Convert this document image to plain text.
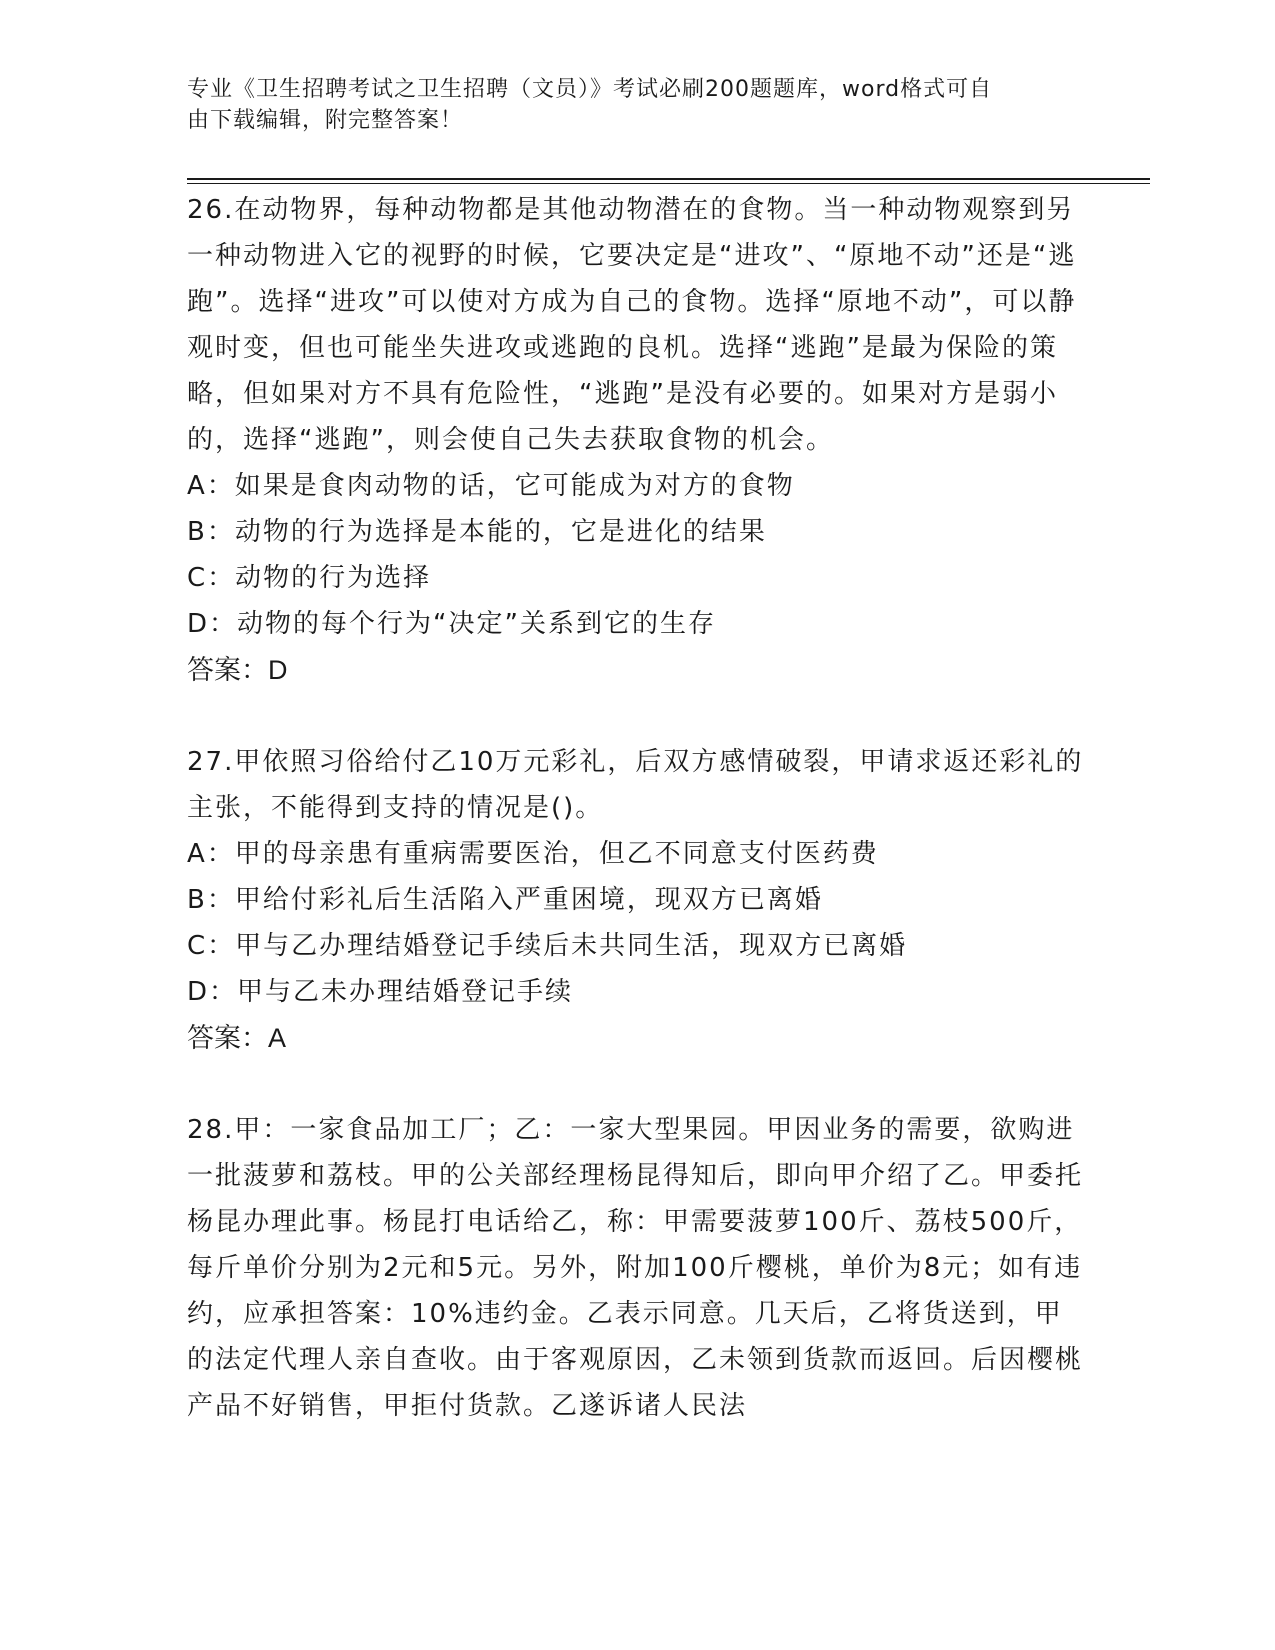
专业《卫生招聘考试之卫生招聘（文员）》考试必刷200题题库，word格式可自
由下载编辑，附完整答案！

26.在动物界，每种动物都是其他动物潜在的食物。当一种动物观察到另一种动物进入它的视野的时候，它要决定是“进攻”、“原地不动”还是“逃跑”。选择“进攻”可以使对方成为自己的食物。选择“原地不动”，可以静观时变，但也可能坐失进攻或逃跑的良机。选择“逃跑”是最为保险的策略，但如果对方不具有危险性，“逃跑”是没有必要的。如果对方是弱小的，选择“逃跑”，则会使自己失去获取食物的机会。

A：如果是食肉动物的话，它可能成为对方的食物

B：动物的行为选择是本能的，它是进化的结果

C：动物的行为选择

D：动物的每个行为“决定”关系到它的生存

答案：D

27.甲依照习俗给付乙10万元彩礼，后双方感情破裂，甲请求返还彩礼的主张，不能得到支持的情况是()。

A：甲的母亲患有重病需要医治，但乙不同意支付医药费

B：甲给付彩礼后生活陷入严重困境，现双方已离婚

C：甲与乙办理结婚登记手续后未共同生活，现双方已离婚

D：甲与乙未办理结婚登记手续

答案：A

28.甲：一家食品加工厂；乙：一家大型果园。甲因业务的需要，欲购进一批菠萝和荔枝。甲的公关部经理杨昆得知后，即向甲介绍了乙。甲委托杨昆办理此事。杨昆打电话给乙，称：甲需要菠萝100斤、荔枝500斤，每斤单价分别为2元和5元。另外，附加100斤樱桃，单价为8元；如有违约，应承担答案：10%违约金。乙表示同意。几天后，乙将货送到，甲的法定代理人亲自查收。由于客观原因，乙未领到货款而返回。后因樱桃产品不好销售，甲拒付货款。乙遂诉诸人民法
